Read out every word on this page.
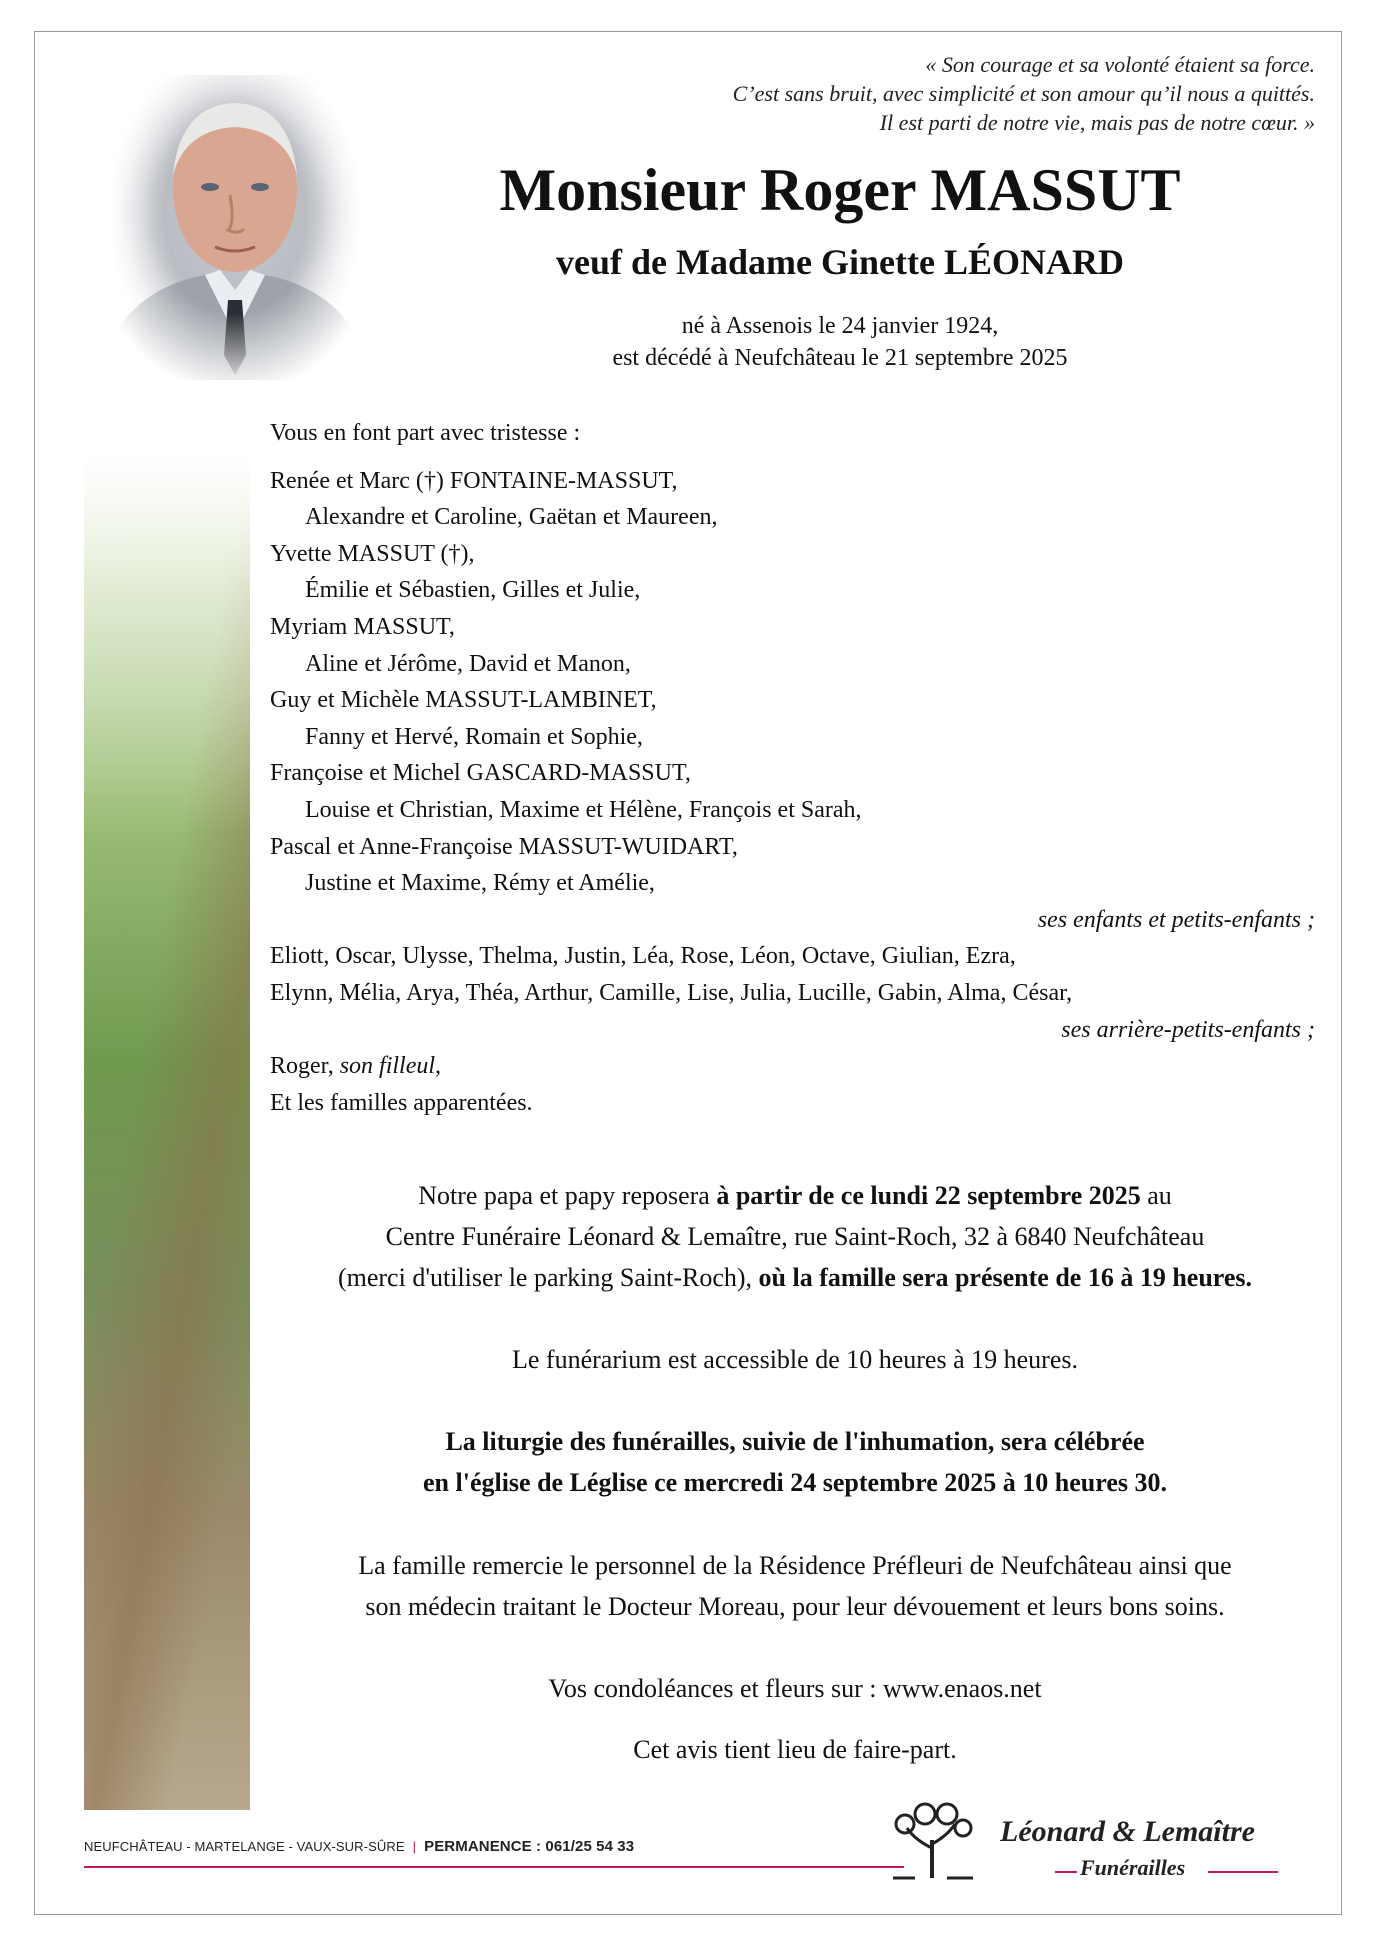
« Son courage et sa volonté étaient sa force.
C’est sans bruit, avec simplicité et son amour qu’il nous a quittés.
Il est parti de notre vie, mais pas de notre cœur. »
Monsieur Roger MASSUT
veuf de Madame Ginette LÉONARD
né à Assenois le 24 janvier 1924,
est décédé à Neufchâteau le 21 septembre 2025
Vous en font part avec tristesse :
Renée et Marc (†) FONTAINE-MASSUT,
Alexandre et Caroline, Gaëtan et Maureen,
Yvette MASSUT (†),
Émilie et Sébastien, Gilles et Julie,
Myriam MASSUT,
Aline et Jérôme, David et Manon,
Guy et Michèle MASSUT-LAMBINET,
Fanny et Hervé, Romain et Sophie,
Françoise et Michel GASCARD-MASSUT,
Louise et Christian, Maxime et Hélène, François et Sarah,
Pascal et Anne-Françoise MASSUT-WUIDART,
Justine et Maxime, Rémy et Amélie,
ses enfants et petits-enfants ;
Eliott, Oscar, Ulysse, Thelma, Justin, Léa, Rose, Léon, Octave, Giulian, Ezra,
Elynn, Mélia, Arya, Théa, Arthur, Camille, Lise, Julia, Lucille, Gabin, Alma, César,
ses arrière-petits-enfants ;
Roger, son filleul,
Et les familles apparentées.
Notre papa et papy reposera à partir de ce lundi 22 septembre 2025 au
Centre Funéraire Léonard & Lemaître, rue Saint-Roch, 32 à 6840 Neufchâteau
(merci d'utiliser le parking Saint-Roch), où la famille sera présente de 16 à 19 heures.
Le funérarium est accessible de 10 heures à 19 heures.
La liturgie des funérailles, suivie de l'inhumation, sera célébrée
en l'église de Léglise ce mercredi 24 septembre 2025 à 10 heures 30.
La famille remercie le personnel de la Résidence Préfleuri de Neufchâteau ainsi que
son médecin traitant le Docteur Moreau, pour leur dévouement et leurs bons soins.
Vos condoléances et fleurs sur : www.enaos.net
Cet avis tient lieu de faire-part.
NEUFCHÂTEAU - MARTELANGE - VAUX-SUR-SÛRE | PERMANENCE : 061/25 54 33	Léonard & Lemaître
Funérailles
